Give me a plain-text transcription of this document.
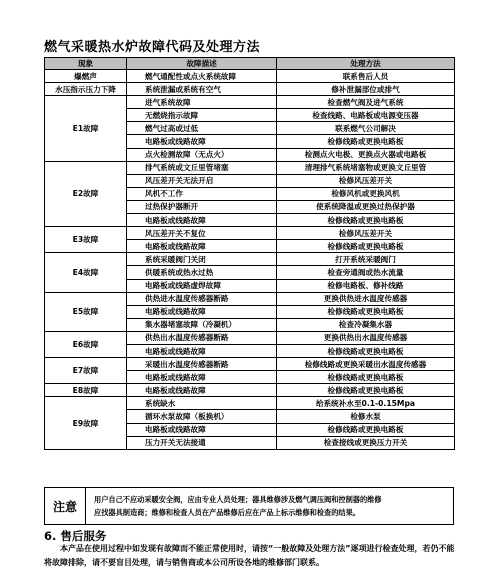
燃气采暖热水炉故障代码及处理方法
现象	故障描述	处理方法
爆燃声	燃气通配性或点火系统故障	联系售后人员
水压指示压力下降	系统泄漏或系统有空气	修补泄漏部位或排气
E1故障	进气系统故障	检查燃气阀及进气系统
	无燃烧指示故障	检查线路、电路板或电源变压器
	燃气过高或过低	联系燃气公司解决
	电路板或线路故障	检修线路或更换电路板
	点火检测故障（无点火）	检测点火电极、更换点火器或电路板
E2故障	排气系统或文丘里管堵塞	清理排气系统堵塞物或更换文丘里管
	风压差开关无法开启	检修风压差开关
	风机不工作	检修风机或更换风机
	过热保护器断开	使系统降温或更换过热保护器
	电路板或线路故障	检修线路或更换电路板
E3故障	风压差开关不复位	检修风压差开关
	电路板或线路故障	检修线路或更换电路板
E4故障	系统采暖阀门关闭	打开系统采暖阀门
	供暖系统或热水过热	检查旁通阀或热水流量
	电路板或线路虚焊故障	检修电路板、修补线路
E5故障	供热进水温度传感器断路	更换供热进水温度传感器
	电路板或线路故障	检修线路或更换电路板
	集水器堵塞故障（冷凝机）	检查冷凝集水器
E6故障	供热出水温度传感器断路	更换供热出水温度传感器
	电路板或线路故障	检修线路或更换电路板
E7故障	采暖出水温度传感器断路	检修线路或更换采暖出水温度传感器
	电路板或线路故障	检修线路或更换电路板
E8故障	电路板或线路故障	检修线路或更换电路板
E9故障	系统缺水	给系统补水至0.1-0.15Mpa
	循环水泵故障（板换机）	检修水泵
	电路板或线路故障	检修线路或更换电路板
	压力开关无法接通	检查接线或更换压力开关
注意	用户自己不应动采暖安全阀，应由专业人员处理；器具维修涉及燃气调压阀和控制器的维修
应找器具制造商；维修和检查人员在产品维修后应在产品上标示维修和检查的结果。
6. 售后服务
本产品在使用过程中如发现有故障而不能正常使用时，请按“一般故障及处理方法”逐项进行检查处理，若仍不能将故障排除，请不要盲目处理，请与销售商或本公司所设各地的维修部门联系。
